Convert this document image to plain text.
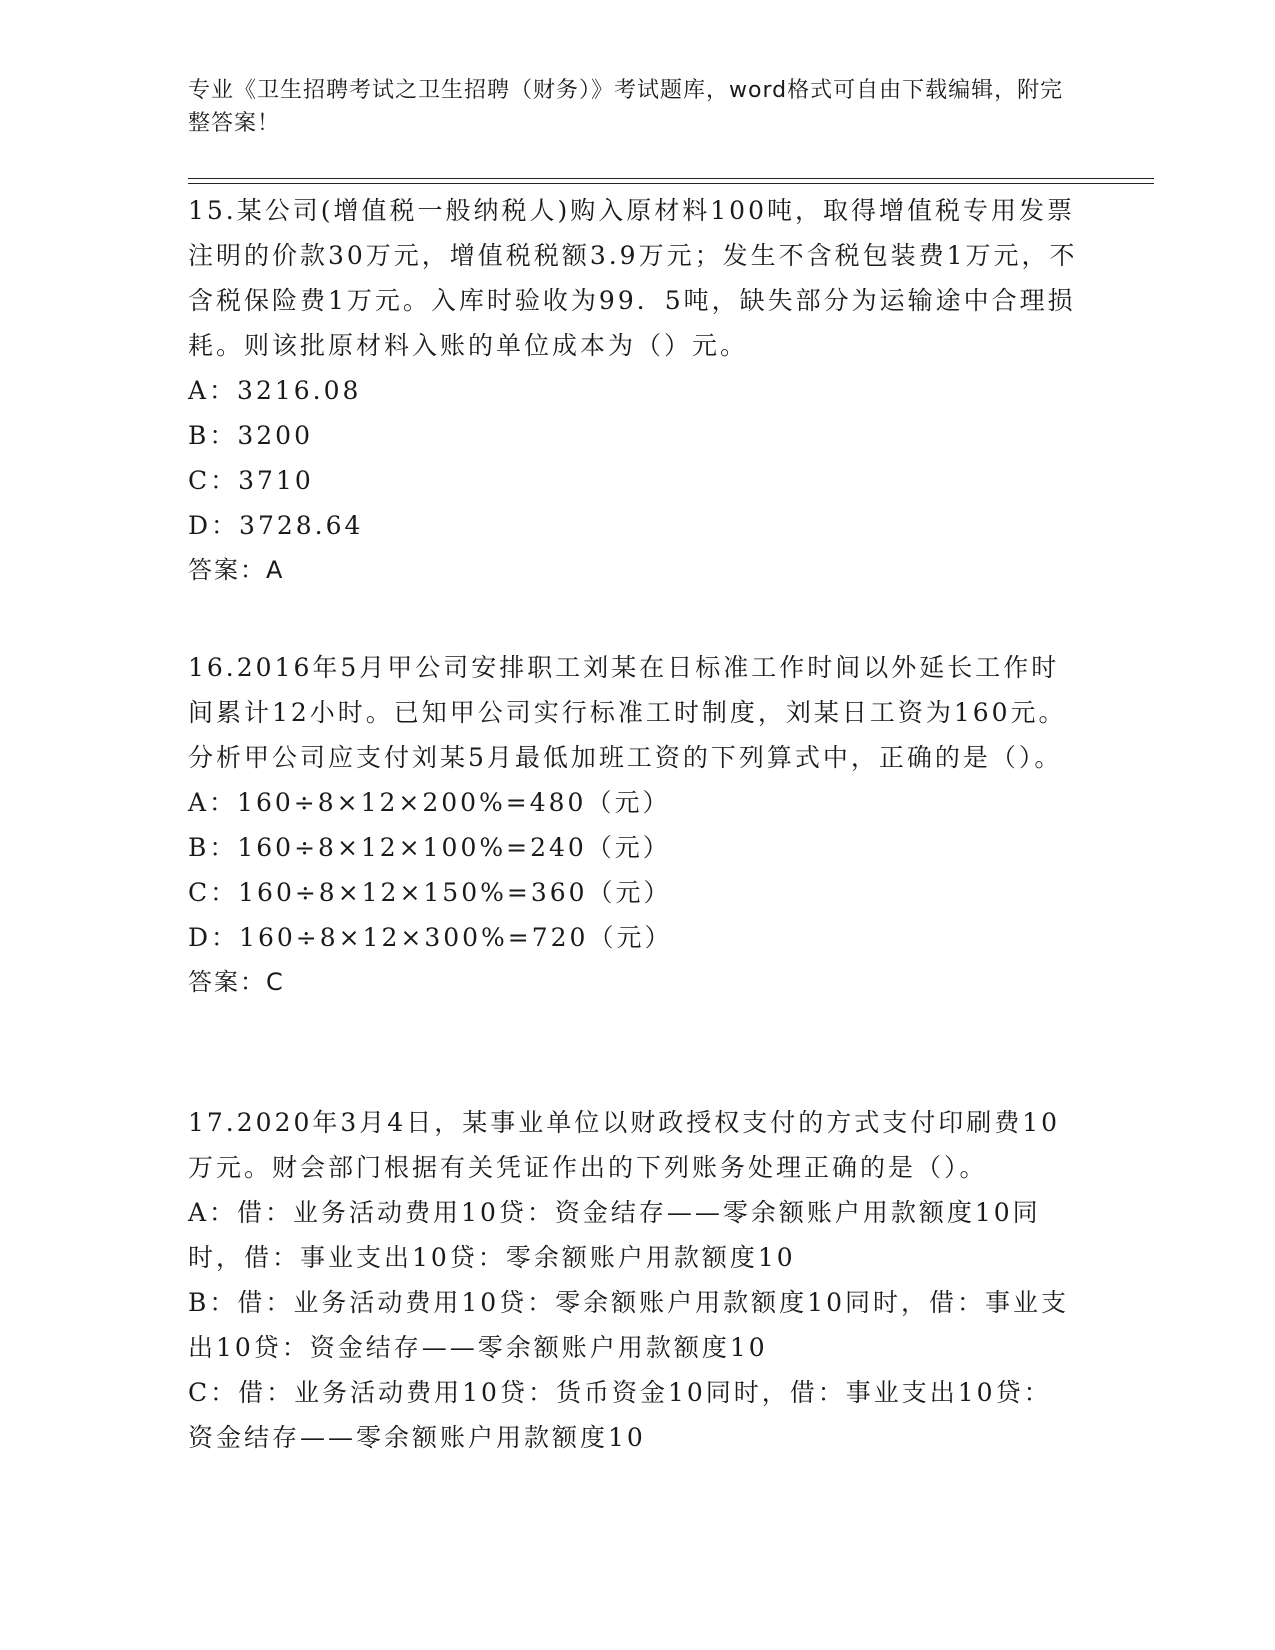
专业《卫生招聘考试之卫生招聘（财务）》考试题库，word格式可自由下载编辑，附完整答案！

15.某公司(增值税一般纳税人)购入原材料100吨，取得增值税专用发票注明的价款30万元，增值税税额3.9万元；发生不含税包装费1万元，不含税保险费1万元。入库时验收为99．5吨，缺失部分为运输途中合理损耗。则该批原材料入账的单位成本为（）元。

A：3216.08

B：3200

C：3710

D：3728.64

答案：A

16.2016年5月甲公司安排职工刘某在日标准工作时间以外延长工作时间累计12小时。已知甲公司实行标准工时制度，刘某日工资为160元。分析甲公司应支付刘某5月最低加班工资的下列算式中，正确的是（）。

A：160÷8×12×200%=480（元）

B：160÷8×12×100%=240（元）

C：160÷8×12×150%=360（元）

D：160÷8×12×300%=720（元）

答案：C

17.2020年3月4日，某事业单位以财政授权支付的方式支付印刷费10万元。财会部门根据有关凭证作出的下列账务处理正确的是（）。

A：借：业务活动费用10贷：资金结存——零余额账户用款额度10同时，借：事业支出10贷：零余额账户用款额度10

B：借：业务活动费用10贷：零余额账户用款额度10同时，借：事业支出10贷：资金结存——零余额账户用款额度10

C：借：业务活动费用10贷：货币资金10同时，借：事业支出10贷：资金结存——零余额账户用款额度10
